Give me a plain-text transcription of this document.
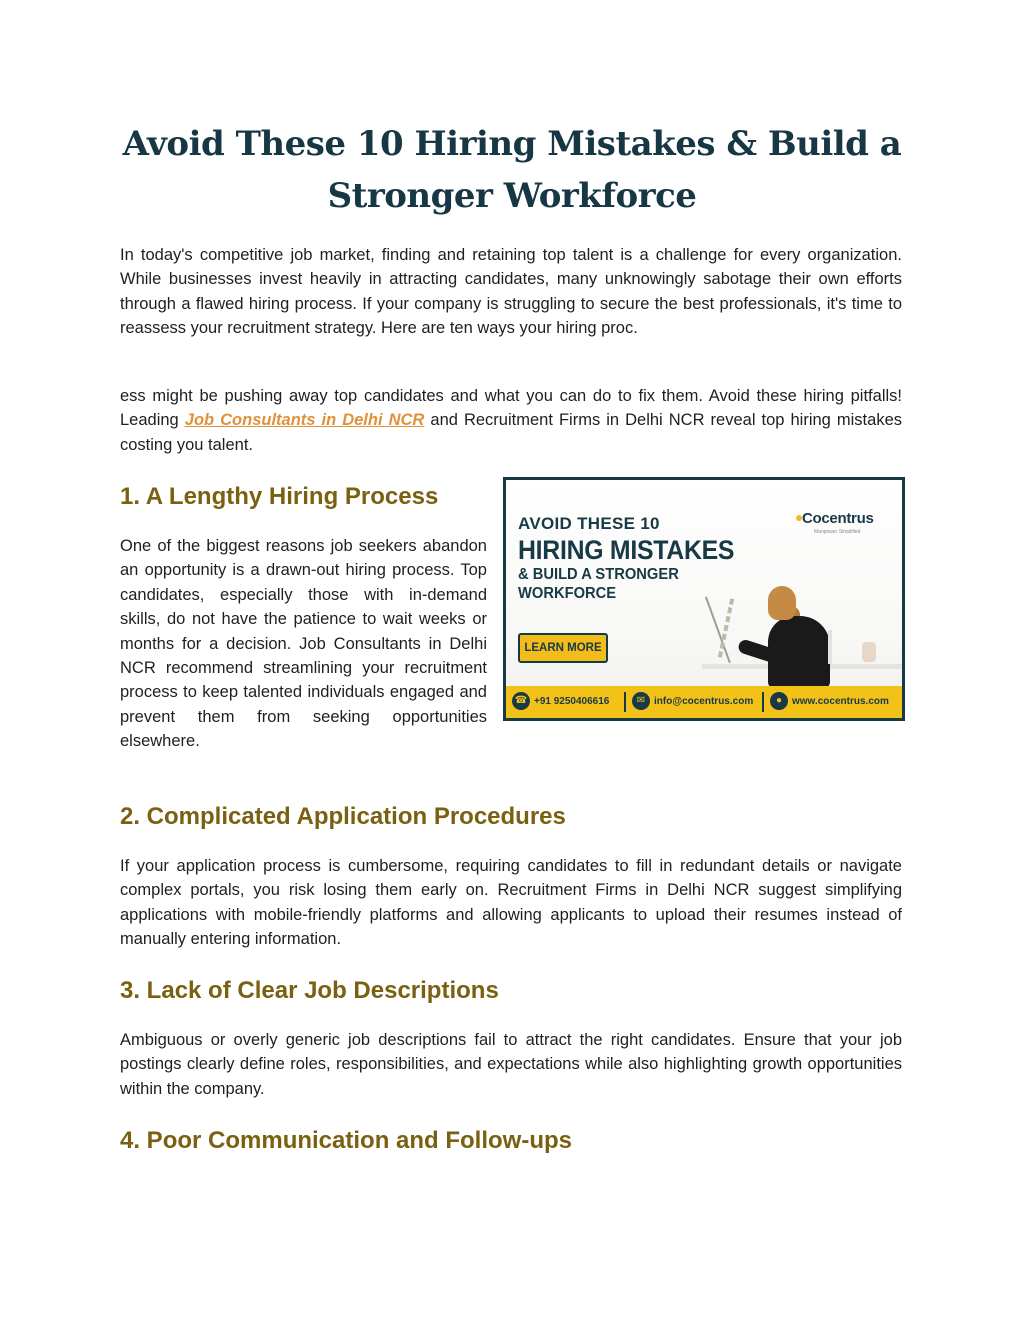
Avoid These 10 Hiring Mistakes & Build a Stronger Workforce

In today's competitive job market, finding and retaining top talent is a challenge for every organization. While businesses invest heavily in attracting candidates, many unknowingly sabotage their own efforts through a flawed hiring process. If your company is struggling to secure the best professionals, it's time to reassess your recruitment strategy. Here are ten ways your hiring proc.

ess might be pushing away top candidates and what you can do to fix them. Avoid these hiring pitfalls! Leading Job Consultants in Delhi NCR and Recruitment Firms in Delhi NCR reveal top hiring mistakes costing you talent.

1. A Lengthy Hiring Process

One of the biggest reasons job seekers abandon an opportunity is a drawn-out hiring process. Top candidates, especially those with in-demand skills, do not have the patience to wait weeks or months for a decision. Job Consultants in Delhi NCR recommend streamlining your recruitment process to keep talented individuals engaged and prevent them from seeking opportunities elsewhere.

Cocentrus
Manpower Simplified
AVOID THESE 10
HIRING MISTAKES
& BUILD A STRONGER
WORKFORCE
LEARN MORE
☎ +91 9250406616	✉ info@cocentrus.com	● www.cocentrus.com
2. Complicated Application Procedures

If your application process is cumbersome, requiring candidates to fill in redundant details or navigate complex portals, you risk losing them early on. Recruitment Firms in Delhi NCR suggest simplifying applications with mobile-friendly platforms and allowing applicants to upload their resumes instead of manually entering information.

3. Lack of Clear Job Descriptions

Ambiguous or overly generic job descriptions fail to attract the right candidates. Ensure that your job postings clearly define roles, responsibilities, and expectations while also highlighting growth opportunities within the company.

4. Poor Communication and Follow-ups
